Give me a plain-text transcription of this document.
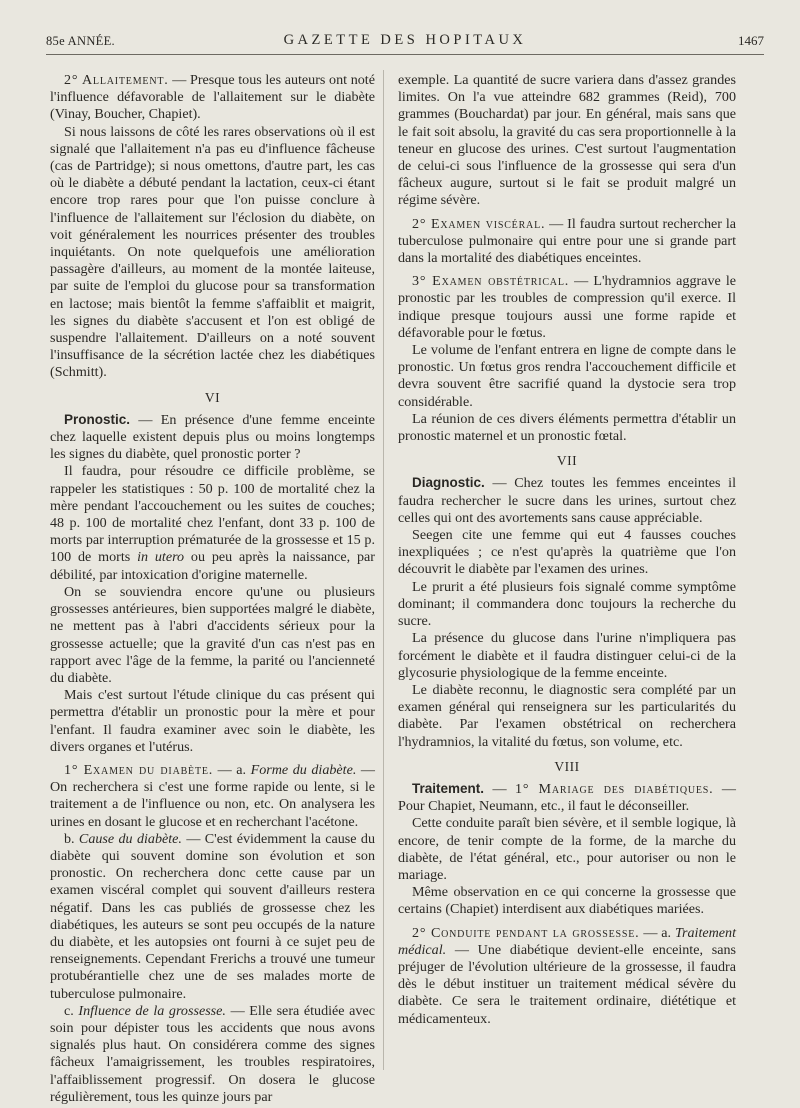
85e ANNÉE.	GAZETTE DES HOPITAUX	1467

2° Allaitement. — Presque tous les auteurs ont noté l'influence défavorable de l'allaitement sur le diabète (Vinay, Boucher, Chapiet).

Si nous laissons de côté les rares observations où il est signalé que l'allaitement n'a pas eu d'influence fâcheuse (cas de Partridge); si nous omettons, d'autre part, les cas où le diabète a débuté pendant la lactation, ceux-ci étant encore trop rares pour que l'on puisse conclure à l'influence de l'allaitement sur l'éclosion du diabète, on voit généralement les nourrices présenter des troubles inquiétants. On note quelquefois une amélioration passagère d'ailleurs, au moment de la montée laiteuse, par suite de l'emploi du glucose pour sa transformation en lactose; mais bientôt la femme s'affaiblit et maigrit, les signes du diabète s'accusent et l'on est obligé de suspendre l'allaitement. D'ailleurs on a noté souvent l'insuffisance de la sécrétion lactée chez les diabétiques (Schmitt).

VI

Pronostic. — En présence d'une femme enceinte chez laquelle existent depuis plus ou moins longtemps les signes du diabète, quel pronostic porter ?

Il faudra, pour résoudre ce difficile problème, se rappeler les statistiques : 50 p. 100 de mortalité chez la mère pendant l'accouchement ou les suites de couches; 48 p. 100 de mortalité chez l'enfant, dont 33 p. 100 de morts par interruption prématurée de la grossesse et 15 p. 100 de morts in utero ou peu après la naissance, par débilité, par intoxication d'origine maternelle.

On se souviendra encore qu'une ou plusieurs grossesses antérieures, bien supportées malgré le diabète, ne mettent pas à l'abri d'accidents sérieux pour la grossesse actuelle; que la gravité d'un cas n'est pas en rapport avec l'âge de la femme, la parité ou l'ancienneté du diabète.

Mais c'est surtout l'étude clinique du cas présent qui permettra d'établir un pronostic pour la mère et pour l'enfant. Il faudra examiner avec soin le diabète, les divers organes et l'utérus.

1° Examen du diabète. — a. Forme du diabète. — On recherchera si c'est une forme rapide ou lente, si le traitement a de l'influence ou non, etc. On analysera les urines en dosant le glucose et en recherchant l'acétone.

b. Cause du diabète. — C'est évidemment la cause du diabète qui souvent domine son évolution et son pronostic. On recherchera donc cette cause par un examen viscéral complet qui souvent d'ailleurs restera négatif. Dans les cas publiés de grossesse chez les diabétiques, les auteurs se sont peu occupés de la nature du diabète, et les autopsies ont fourni à ce sujet peu de renseignements. Cependant Frerichs a trouvé une tumeur protubérantielle chez une de ses malades morte de tuberculose pulmonaire.

c. Influence de la grossesse. — Elle sera étudiée avec soin pour dépister tous les accidents que nous avons signalés plus haut. On considérera comme des signes fâcheux l'amaigrissement, les troubles respiratoires, l'affaiblissement progressif. On dosera le glucose régulièrement, tous les quinze jours par

exemple. La quantité de sucre variera dans d'assez grandes limites. On l'a vue atteindre 682 grammes (Reid), 700 grammes (Bouchardat) par jour. En général, mais sans que le fait soit absolu, la gravité du cas sera proportionnelle à la teneur en glucose des urines. C'est surtout l'augmentation de celui-ci sous l'influence de la grossesse qui sera d'un fâcheux augure, surtout si le fait se produit malgré un régime sévère.

2° Examen viscéral. — Il faudra surtout rechercher la tuberculose pulmonaire qui entre pour une si grande part dans la mortalité des diabétiques enceintes.

3° Examen obstétrical. — L'hydramnios aggrave le pronostic par les troubles de compression qu'il exerce. Il indique presque toujours aussi une forme rapide et défavorable pour le fœtus.

Le volume de l'enfant entrera en ligne de compte dans le pronostic. Un fœtus gros rendra l'accouchement difficile et devra souvent être sacrifié quand la dystocie sera trop considérable.

La réunion de ces divers éléments permettra d'établir un pronostic maternel et un pronostic fœtal.

VII

Diagnostic. — Chez toutes les femmes enceintes il faudra rechercher le sucre dans les urines, surtout chez celles qui ont des avortements sans cause appréciable.

Seegen cite une femme qui eut 4 fausses couches inexpliquées ; ce n'est qu'après la quatrième que l'on découvrit le diabète par l'examen des urines.

Le prurit a été plusieurs fois signalé comme symptôme dominant; il commandera donc toujours la recherche du sucre.

La présence du glucose dans l'urine n'impliquera pas forcément le diabète et il faudra distinguer celui-ci de la glycosurie physiologique de la femme enceinte.

Le diabète reconnu, le diagnostic sera complété par un examen général qui renseignera sur les particularités du diabète. Par l'examen obstétrical on recherchera l'hydramnios, la vitalité du fœtus, son volume, etc.

VIII

Traitement. — 1° Mariage des diabétiques. — Pour Chapiet, Neumann, etc., il faut le déconseiller.

Cette conduite paraît bien sévère, et il semble logique, là encore, de tenir compte de la forme, de la marche du diabète, de l'état général, etc., pour autoriser ou non le mariage.

Même observation en ce qui concerne la grossesse que certains (Chapiet) interdisent aux diabétiques mariées.

2° Conduite pendant la grossesse. — a. Traitement médical. — Une diabétique devient-elle enceinte, sans préjuger de l'évolution ultérieure de la grossesse, il faudra dès le début instituer un traitement médical sévère du diabète. Ce sera le traitement ordinaire, diététique et médicamenteux.
